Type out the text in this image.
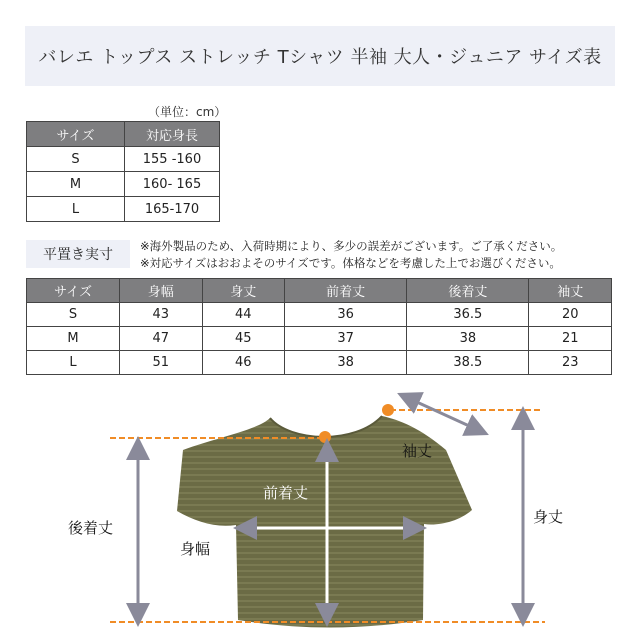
バレエ トップス ストレッチ Tシャツ 半袖 大人・ジュニア サイズ表
（単位：cm）
サイズ	対応身長
S	155 -160
M	160- 165
L	165-170
平置き実寸
※海外製品のため、入荷時期により、多少の誤差がございます。ご了承ください。
※対応サイズはおおよそのサイズです。体格などを考慮した上でお選びください。
サイズ	身幅	身丈	前着丈	後着丈	袖丈
S	43	44	36	36.5	20
M	47	45	37	38	21
L	51	46	38	38.5	23
袖丈
身丈
前着丈
後着丈
身幅
